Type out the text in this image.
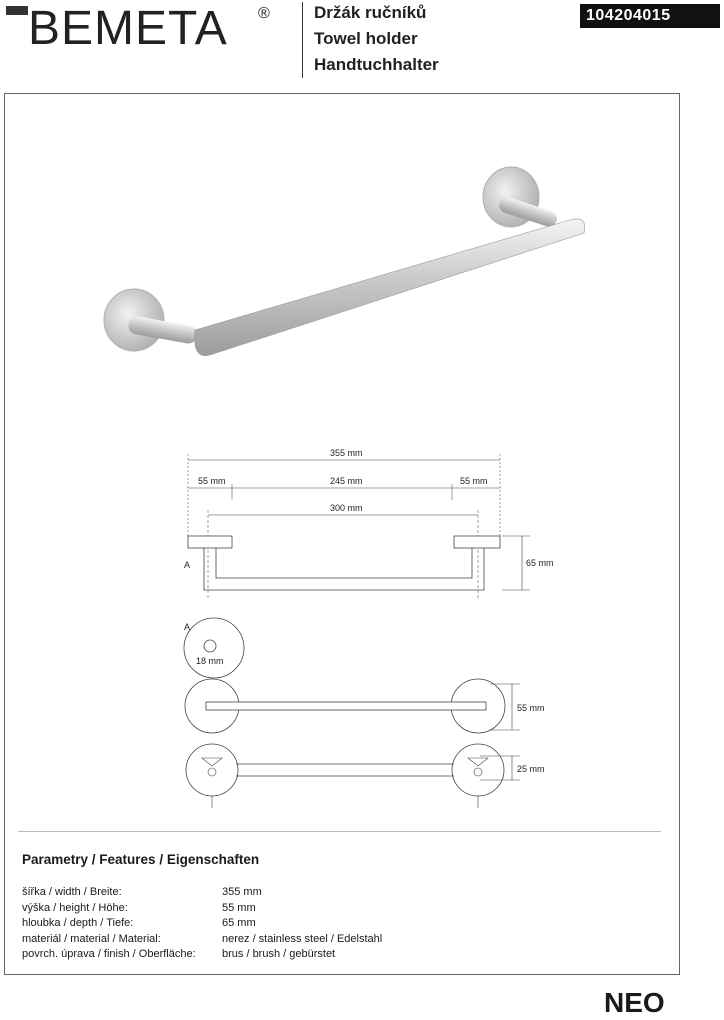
BEMETA ®	Držák ručníků
Towel holder
Handtuchhalter
104204015
355 mm
55 mm	245 mm	55 mm
300 mm
65 mm
A
A
18 mm
55 mm
25 mm
Parametry / Features / Eigenschaften
šířka / width / Breite:	355 mm
výška / height / Höhe:	55 mm
hloubka / depth / Tiefe:	65 mm
materiál / material / Material:	nerez / stainless steel / Edelstahl
povrch. úprava / finish / Oberfläche:	brus / brush / gebürstet
NEO
